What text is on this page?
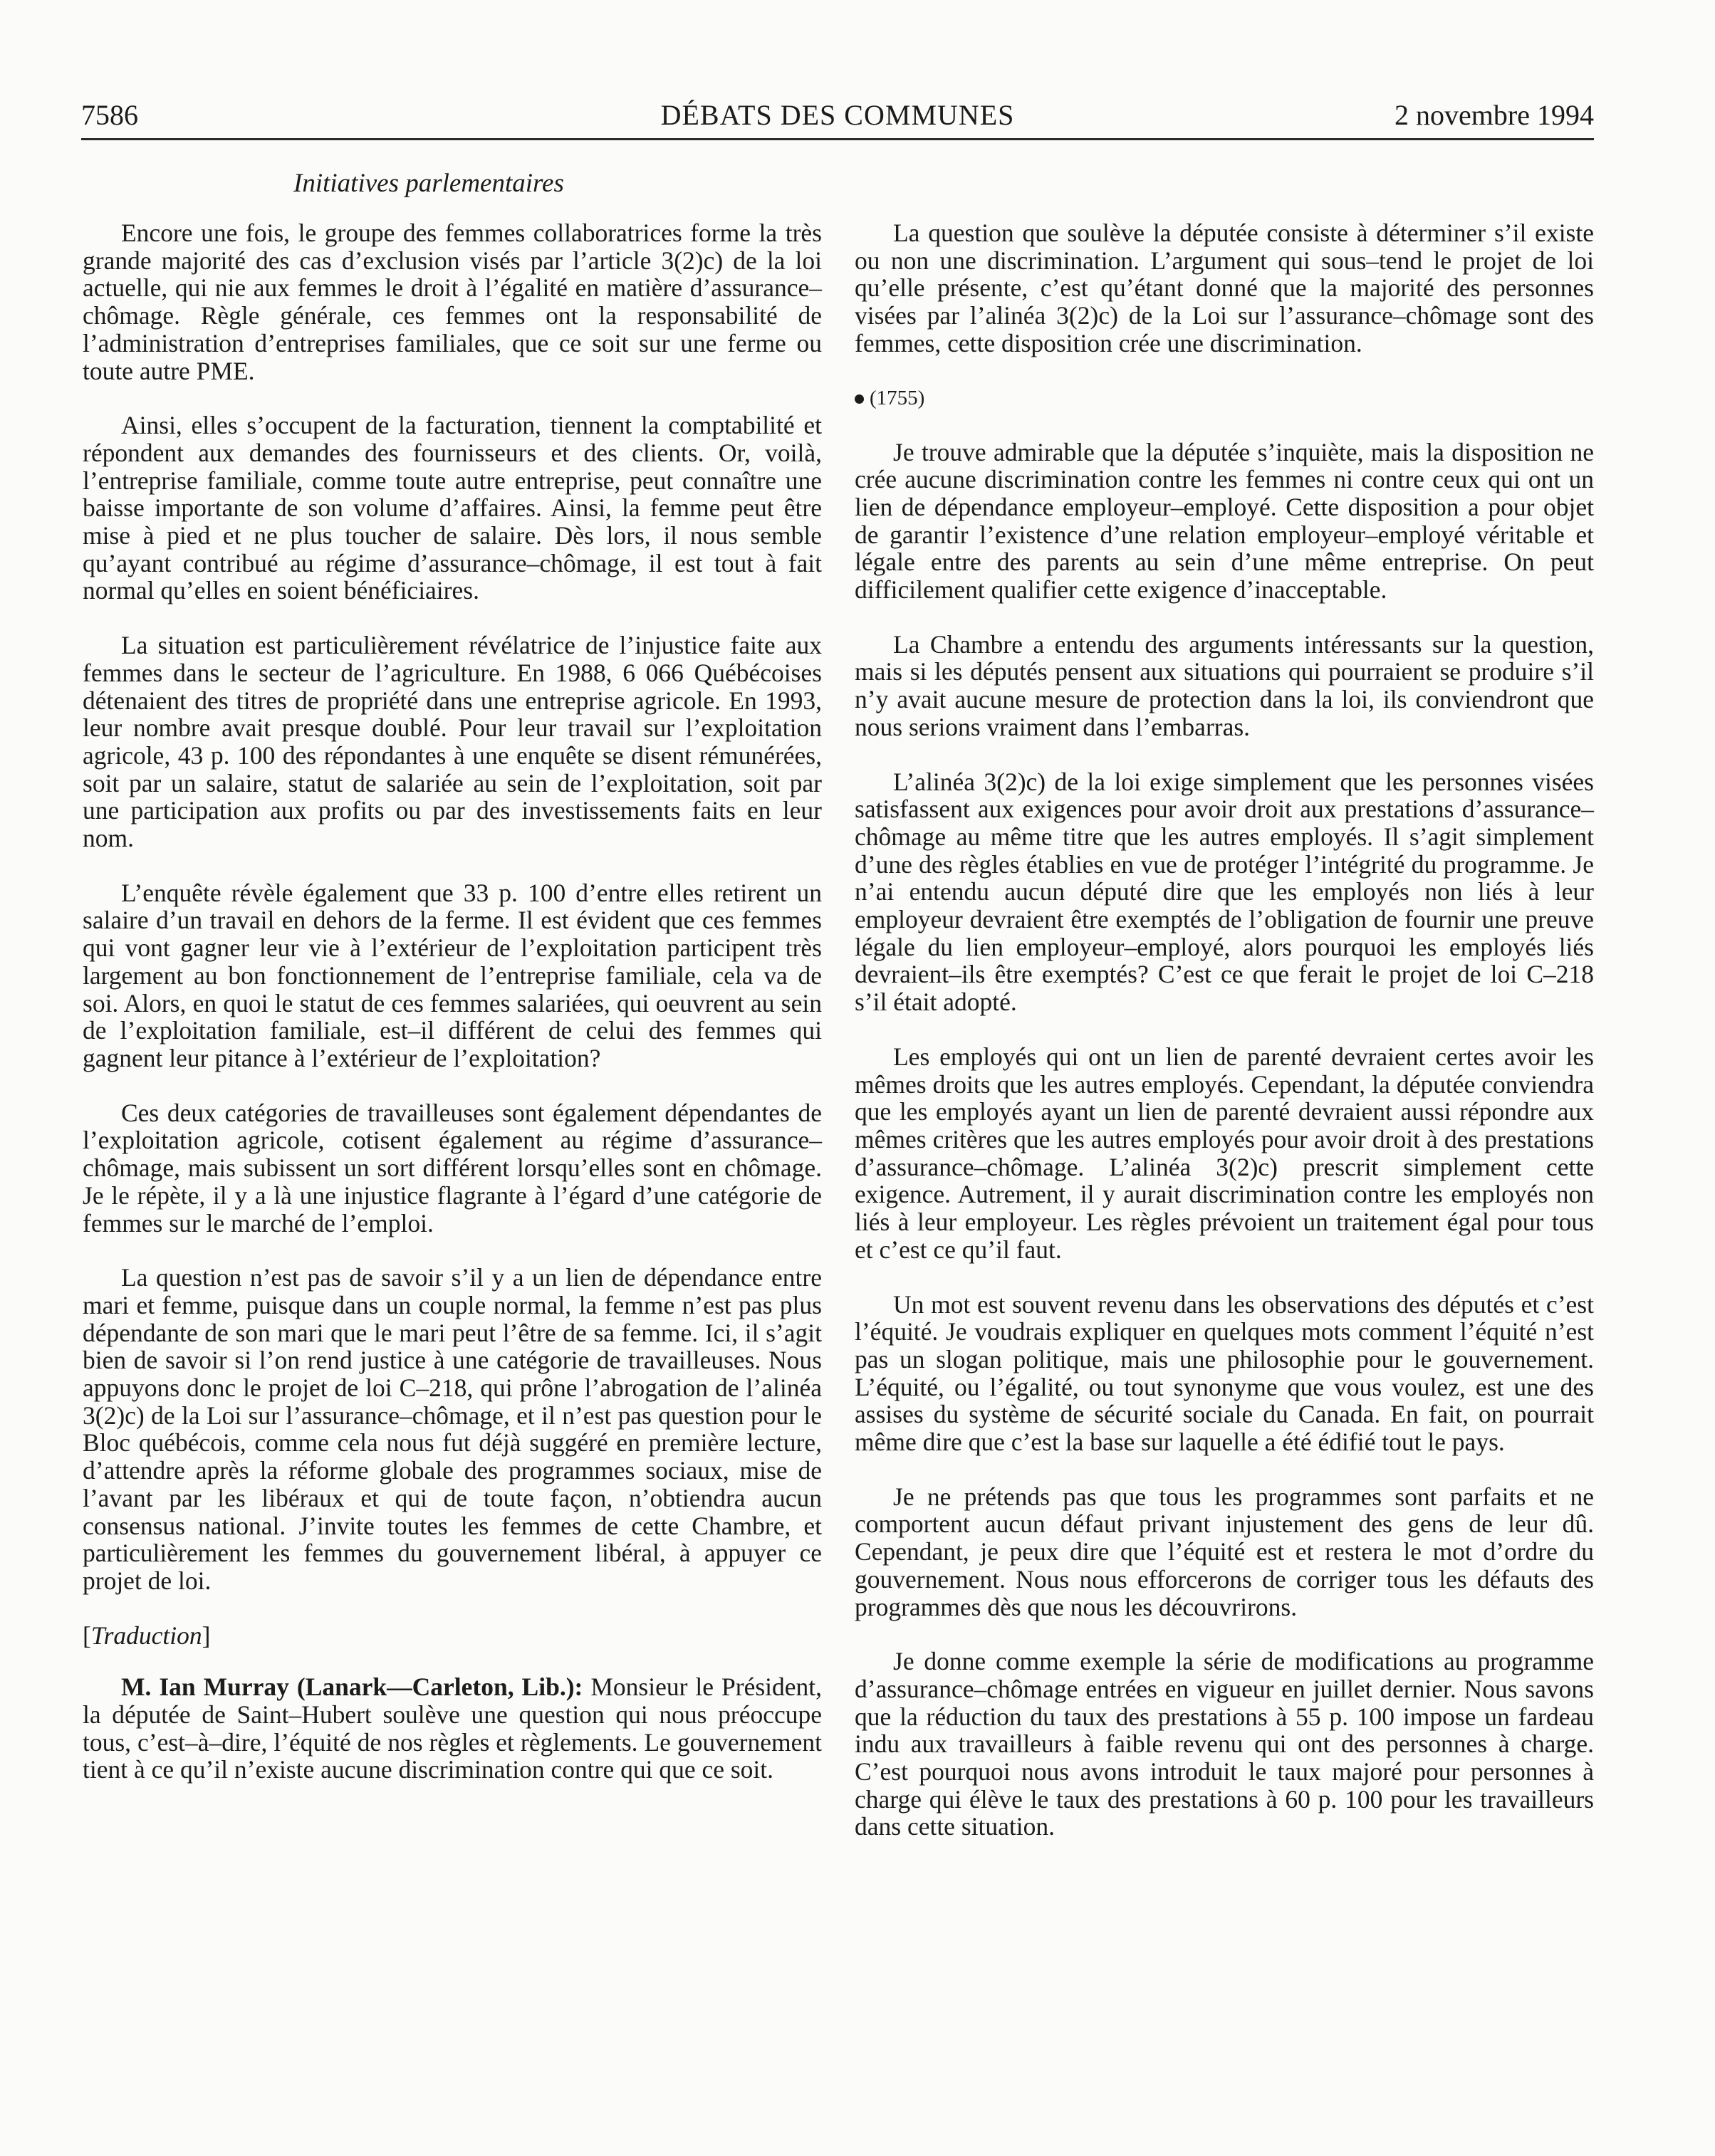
7586	DÉBATS DES COMMUNES	2 novembre 1994
Initiatives parlementaires

Encore une fois, le groupe des femmes collaboratrices forme la très grande majorité des cas d’exclusion visés par l’article 3(2)c) de la loi actuelle, qui nie aux femmes le droit à l’égalité en matière d’assurance–chômage. Règle générale, ces femmes ont la responsabilité de l’administration d’entreprises familiales, que ce soit sur une ferme ou toute autre PME.

Ainsi, elles s’occupent de la facturation, tiennent la comptabilité et répondent aux demandes des fournisseurs et des clients. Or, voilà, l’entreprise familiale, comme toute autre entreprise, peut connaître une baisse importante de son volume d’affaires. Ainsi, la femme peut être mise à pied et ne plus toucher de salaire. Dès lors, il nous semble qu’ayant contribué au régime d’assurance–chômage, il est tout à fait normal qu’elles en soient bénéficiaires.

La situation est particulièrement révélatrice de l’injustice faite aux femmes dans le secteur de l’agriculture. En 1988, 6 066 Québécoises détenaient des titres de propriété dans une entreprise agricole. En 1993, leur nombre avait presque doublé. Pour leur travail sur l’exploitation agricole, 43 p. 100 des répondantes à une enquête se disent rémunérées, soit par un salaire, statut de salariée au sein de l’exploitation, soit par une participation aux profits ou par des investissements faits en leur nom.

L’enquête révèle également que 33 p. 100 d’entre elles retirent un salaire d’un travail en dehors de la ferme. Il est évident que ces femmes qui vont gagner leur vie à l’extérieur de l’exploitation participent très largement au bon fonctionnement de l’entreprise familiale, cela va de soi. Alors, en quoi le statut de ces femmes salariées, qui oeuvrent au sein de l’exploitation familiale, est–il différent de celui des femmes qui gagnent leur pitance à l’extérieur de l’exploitation?

Ces deux catégories de travailleuses sont également dépendantes de l’exploitation agricole, cotisent également au régime d’assurance–chômage, mais subissent un sort différent lorsqu’elles sont en chômage. Je le répète, il y a là une injustice flagrante à l’égard d’une catégorie de femmes sur le marché de l’emploi.

La question n’est pas de savoir s’il y a un lien de dépendance entre mari et femme, puisque dans un couple normal, la femme n’est pas plus dépendante de son mari que le mari peut l’être de sa femme. Ici, il s’agit bien de savoir si l’on rend justice à une catégorie de travailleuses. Nous appuyons donc le projet de loi C–218, qui prône l’abrogation de l’alinéa 3(2)c) de la Loi sur l’assurance–chômage, et il n’est pas question pour le Bloc québécois, comme cela nous fut déjà suggéré en première lecture, d’attendre après la réforme globale des programmes sociaux, mise de l’avant par les libéraux et qui de toute façon, n’obtiendra aucun consensus national. J’invite toutes les femmes de cette Chambre, et particulièrement les femmes du gouvernement libéral, à appuyer ce projet de loi.

[Traduction]

M. Ian Murray (Lanark—Carleton, Lib.): Monsieur le Président, la députée de Saint–Hubert soulève une question qui nous préoccupe tous, c’est–à–dire, l’équité de nos règles et règlements. Le gouvernement tient à ce qu’il n’existe aucune discrimination contre qui que ce soit.

La question que soulève la députée consiste à déterminer s’il existe ou non une discrimination. L’argument qui sous–tend le projet de loi qu’elle présente, c’est qu’étant donné que la majorité des personnes visées par l’alinéa 3(2)c) de la Loi sur l’assurance–chômage sont des femmes, cette disposition crée une discrimination.

(1755)

Je trouve admirable que la députée s’inquiète, mais la disposition ne crée aucune discrimination contre les femmes ni contre ceux qui ont un lien de dépendance employeur–employé. Cette disposition a pour objet de garantir l’existence d’une relation employeur–employé véritable et légale entre des parents au sein d’une même entreprise. On peut difficilement qualifier cette exigence d’inacceptable.

La Chambre a entendu des arguments intéressants sur la question, mais si les députés pensent aux situations qui pourraient se produire s’il n’y avait aucune mesure de protection dans la loi, ils conviendront que nous serions vraiment dans l’embarras.

L’alinéa 3(2)c) de la loi exige simplement que les personnes visées satisfassent aux exigences pour avoir droit aux prestations d’assurance–chômage au même titre que les autres employés. Il s’agit simplement d’une des règles établies en vue de protéger l’intégrité du programme. Je n’ai entendu aucun député dire que les employés non liés à leur employeur devraient être exemptés de l’obligation de fournir une preuve légale du lien employeur–employé, alors pourquoi les employés liés devraient–ils être exemptés? C’est ce que ferait le projet de loi C–218 s’il était adopté.

Les employés qui ont un lien de parenté devraient certes avoir les mêmes droits que les autres employés. Cependant, la députée conviendra que les employés ayant un lien de parenté devraient aussi répondre aux mêmes critères que les autres employés pour avoir droit à des prestations d’assurance–chômage. L’alinéa 3(2)c) prescrit simplement cette exigence. Autrement, il y aurait discrimination contre les employés non liés à leur employeur. Les règles prévoient un traitement égal pour tous et c’est ce qu’il faut.

Un mot est souvent revenu dans les observations des députés et c’est l’équité. Je voudrais expliquer en quelques mots comment l’équité n’est pas un slogan politique, mais une philosophie pour le gouvernement. L’équité, ou l’égalité, ou tout synonyme que vous voulez, est une des assises du système de sécurité sociale du Canada. En fait, on pourrait même dire que c’est la base sur laquelle a été édifié tout le pays.

Je ne prétends pas que tous les programmes sont parfaits et ne comportent aucun défaut privant injustement des gens de leur dû. Cependant, je peux dire que l’équité est et restera le mot d’ordre du gouvernement. Nous nous efforcerons de corriger tous les défauts des programmes dès que nous les découvrirons.

Je donne comme exemple la série de modifications au programme d’assurance–chômage entrées en vigueur en juillet dernier. Nous savons que la réduction du taux des prestations à 55 p. 100 impose un fardeau indu aux travailleurs à faible revenu qui ont des personnes à charge. C’est pourquoi nous avons introduit le taux majoré pour personnes à charge qui élève le taux des prestations à 60 p. 100 pour les travailleurs dans cette situation.
